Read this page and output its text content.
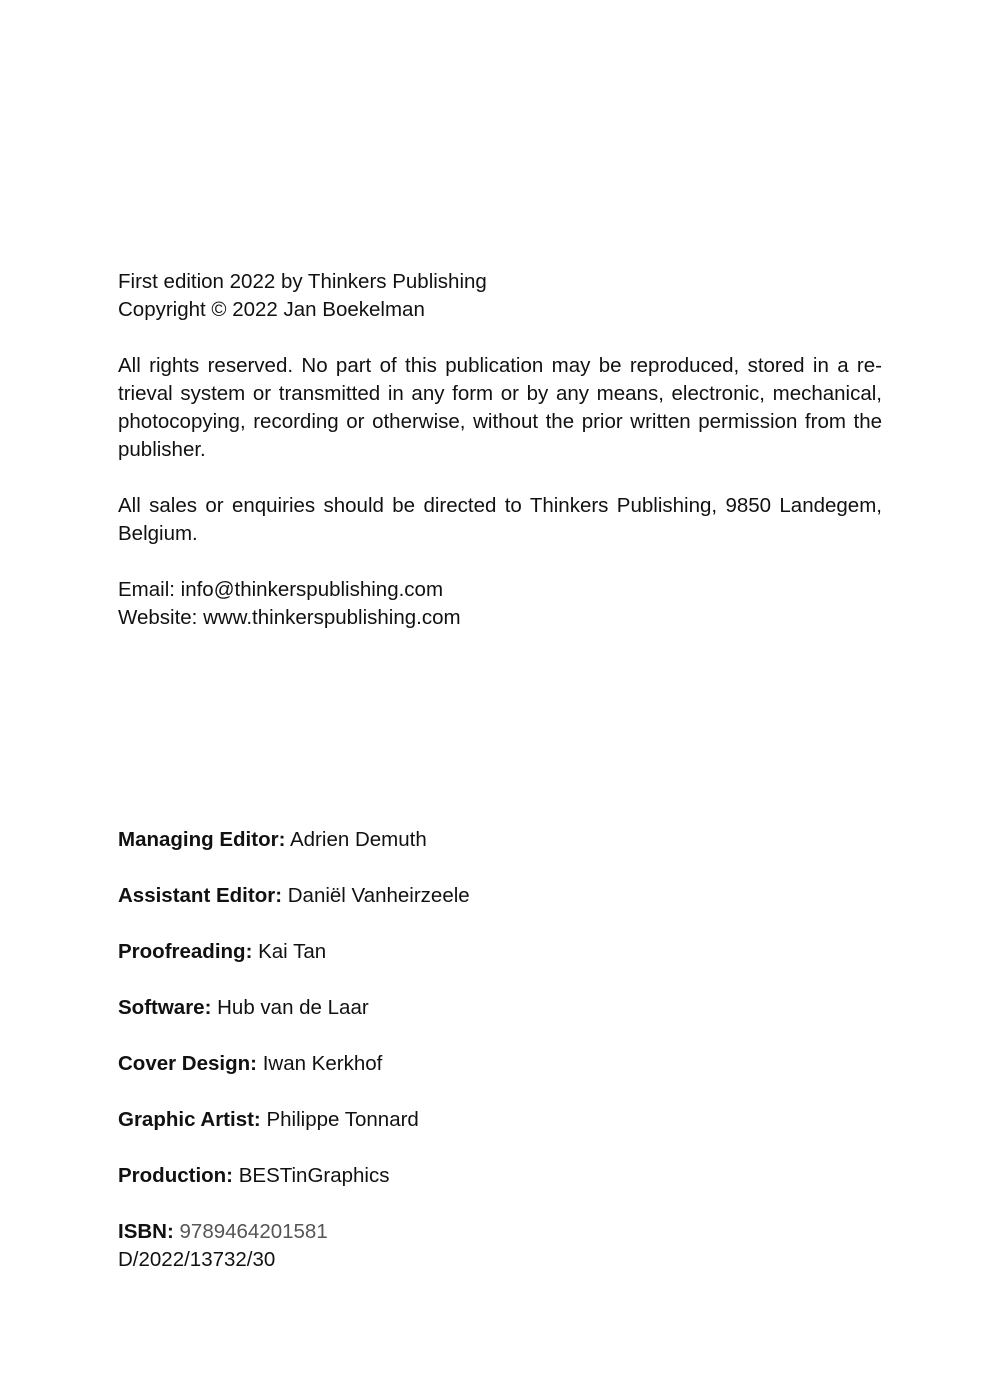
First edition 2022 by Thinkers Publishing

Copyright © 2022 Jan Boekelman

All rights reserved. No part of this publication may be reproduced, stored in a re-trieval system or transmitted in any form or by any means, electronic, mechanical, photocopying, recording or otherwise, without the prior written permission from the publisher.

All sales or enquiries should be directed to Thinkers Publishing, 9850 Landegem, Belgium.

Email: info@thinkerspublishing.com

Website: www.thinkerspublishing.com

Managing Editor: Adrien Demuth

Assistant Editor: Daniël Vanheirzeele

Proofreading: Kai Tan

Software: Hub van de Laar

Cover Design: Iwan Kerkhof

Graphic Artist: Philippe Tonnard

Production: BESTinGraphics

ISBN: 9789464201581

D/2022/13732/30
